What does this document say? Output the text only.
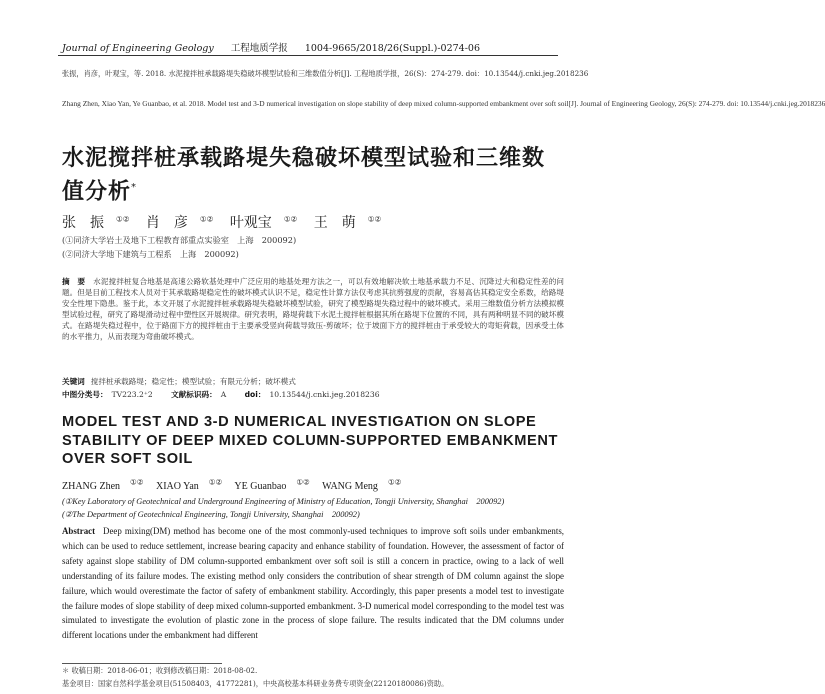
Journal of Engineering Geology 工程地质学报 1004-9665/2018/26(Suppl.)-0274-06
张振，肖彦，叶观宝，等. 2018. 水泥搅拌桩承载路堤失稳破坏模型试验和三维数值分析[J]. 工程地质学报，26(S)：274-279. doi：10.13544/j.cnki.jeg.2018236
Zhang Zhen, Xiao Yan, Ye Guanbao, et al. 2018. Model test and 3-D numerical investigation on slope stability of deep mixed column-supported embankment over soft soil[J]. Journal of Engineering Geology, 26(S): 274-279. doi: 10.13544/j.cnki.jeg.2018236
水泥搅拌桩承载路堤失稳破坏模型试验和三维数值分析*
张　振 ①② 肖　彦 ①② 叶观宝 ①② 王　萌 ①②
(①同济大学岩土及地下工程教育部重点实验室　上海　200092)
(②同济大学地下建筑与工程系　上海　200092)
摘　要 水泥搅拌桩复合地基是高速公路软基处理中广泛应用的地基处理方法之一，可以有效地解决软土地基承载力不足、沉降过大和稳定性差的问题。但是目前工程技术人员对于其承载路堤稳定性的破坏模式认识不足，稳定性计算方法仅考虑其抗剪强度的贡献，容易高估其稳定安全系数，给路堤安全性埋下隐患。鉴于此，本文开展了水泥搅拌桩承载路堤失稳破坏模型试验，研究了模型路堤失稳过程中的破坏模式。采用三维数值分析方法模拟模型试验过程，研究了路堤滑动过程中塑性区开展规律。研究表明，路堤荷载下水泥土搅拌桩根据其所在路堤下位置的不同，具有两种明显不同的破坏模式。在路堤失稳过程中，位于路面下方的搅拌桩由于主要承受竖向荷载导致压-剪破坏；位于坡面下方的搅拌桩由于承受较大的弯矩荷载，因承受土体的水平推力，从而表现为弯曲破坏模式。
关键词 搅拌桩承载路堤；稳定性；模型试验；有限元分析；破坏模式
中图分类号： TV223.2⁺2 文献标识码： A doi： 10.13544/j.cnki.jeg.2018236
MODEL TEST AND 3-D NUMERICAL INVESTIGATION ON SLOPE STABILITY OF DEEP MIXED COLUMN-SUPPORTED EMBANKMENT OVER SOFT SOIL
ZHANG Zhen ①② XIAO Yan ①② YE Guanbao ①② WANG Meng ①②
(①Key Laboratory of Geotechnical and Underground Engineering of Ministry of Education, Tongji University, Shanghai　200092)
(②The Department of Geotechnical Engineering, Tongji University, Shanghai　200092)
Abstract Deep mixing(DM) method has become one of the most commonly-used techniques to improve soft soils under embankments, which can be used to reduce settlement, increase bearing capacity and enhance stability of foundation. However, the assessment of factor of safety against slope stability of DM column-supported embankment over soft soil is still a concern in practice, owing to a lack of well understanding of its failure modes. The existing method only considers the contribution of shear strength of DM column against the slope failure, which would overestimate the factor of safety of embankment stability. Accordingly, this paper presents a model test to investigate the failure modes of slope stability of deep mixed column-supported embankment. 3-D numerical model corresponding to the model test was simulated to investigate the evolution of plastic zone in the process of slope failure. The results indicated that the DM columns under different locations under the embankment had different
＊ 收稿日期：2018-06-01；收到修改稿日期：2018-08-02.
基金项目：国家自然科学基金项目(51508403，41772281)，中央高校基本科研业务费专项资金(22120180086)资助。
